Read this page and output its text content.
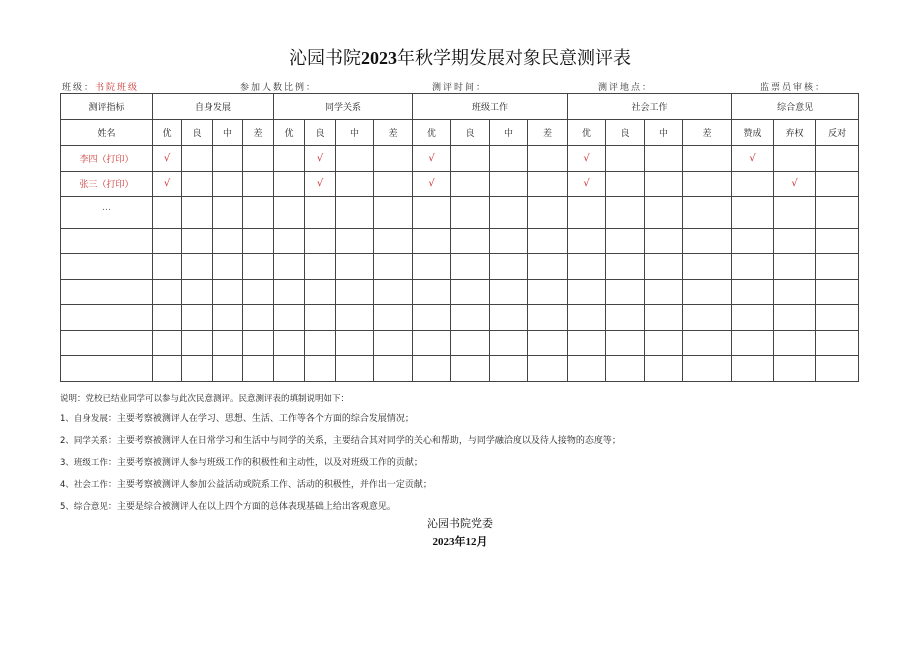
沁园书院2023年秋学期发展对象民意测评表
班级：书院班级	参加人数比例：	测评时间：	测评地点：	监票员审核：
测评指标	自身发展				同学关系				班级工作				社会工作				综合意见		
姓名	优	良	中	差	优	良	中	差	优	良	中	差	优	良	中	差	赞成	弃权	反对
李四（打印）	√					√			√				√				√		
张三（打印）	√					√			√				√					√	
…																			

说明：党校已结业同学可以参与此次民意测评。民意测评表的填制说明如下：
1、自身发展：主要考察被测评人在学习、思想、生活、工作等各个方面的综合发展情况；
2、同学关系：主要考察被测评人在日常学习和生活中与同学的关系，主要结合其对同学的关心和帮助，与同学融洽度以及待人接物的态度等；
3、班级工作：主要考察被测评人参与班级工作的积极性和主动性，以及对班级工作的贡献；
4、社会工作：主要考察被测评人参加公益活动或院系工作、活动的积极性，并作出一定贡献；
5、综合意见：主要是综合被测评人在以上四个方面的总体表现基础上给出客观意见。
沁园书院党委
2023年12月
